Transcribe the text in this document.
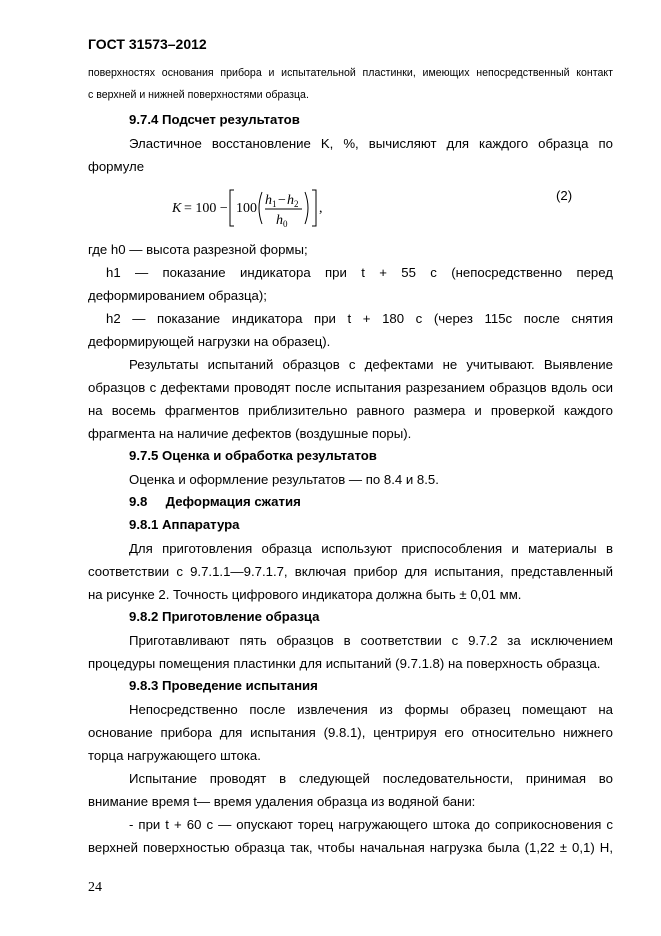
ГОСТ 31573–2012

поверхностях основания прибора и испытательной пластинки, имеющих непосредственный контакт
с верхней и нижней поверхностями образца.

9.7.4 Подсчет результатов

Эластичное восстановление K, %, вычисляют для каждого образца по
формуле

K = 100 − 100
h 1 − h 2
h 0
,
(2)

где h0 — высота разрезной формы;

h1 — показание индикатора при t + 55 с (непосредственно перед
деформированием образца);

h2 — показание индикатора при t + 180 с (через 115с после снятия
деформирующей нагрузки на образец).

Результаты испытаний образцов с дефектами не учитывают. Выявление
образцов с дефектами проводят после испытания разрезанием образцов вдоль оси
на восемь фрагментов приблизительно равного размера и проверкой каждого
фрагмента на наличие дефектов (воздушные поры).

9.7.5 Оценка и обработка результатов

Оценка и оформление результатов — по 8.4 и 8.5.

9.8     Деформация сжатия
9.8.1 Аппаратура

Для приготовления образца используют приспособления и материалы в
соответствии с 9.7.1.1—9.7.1.7, включая прибор для испытания, представленный
на рисунке 2. Точность цифрового индикатора должна быть ± 0,01 мм.

9.8.2 Приготовление образца

Приготавливают пять образцов в соответствии с 9.7.2 за исключением
процедуры помещения пластинки для испытаний (9.7.1.8) на поверхность образца.

9.8.3 Проведение испытания

Непосредственно после извлечения из формы образец помещают на
основание прибора для испытания (9.8.1), центрируя его относительно нижнего
торца нагружающего штока.

Испытание проводят в следующей последовательности, принимая во
внимание время t— время удаления образца из водяной бани:

- при t + 60 с — опускают торец нагружающего штока до соприкосновения с
верхней поверхностью образца так, чтобы начальная нагрузка была (1,22 ± 0,1) Н,

24
